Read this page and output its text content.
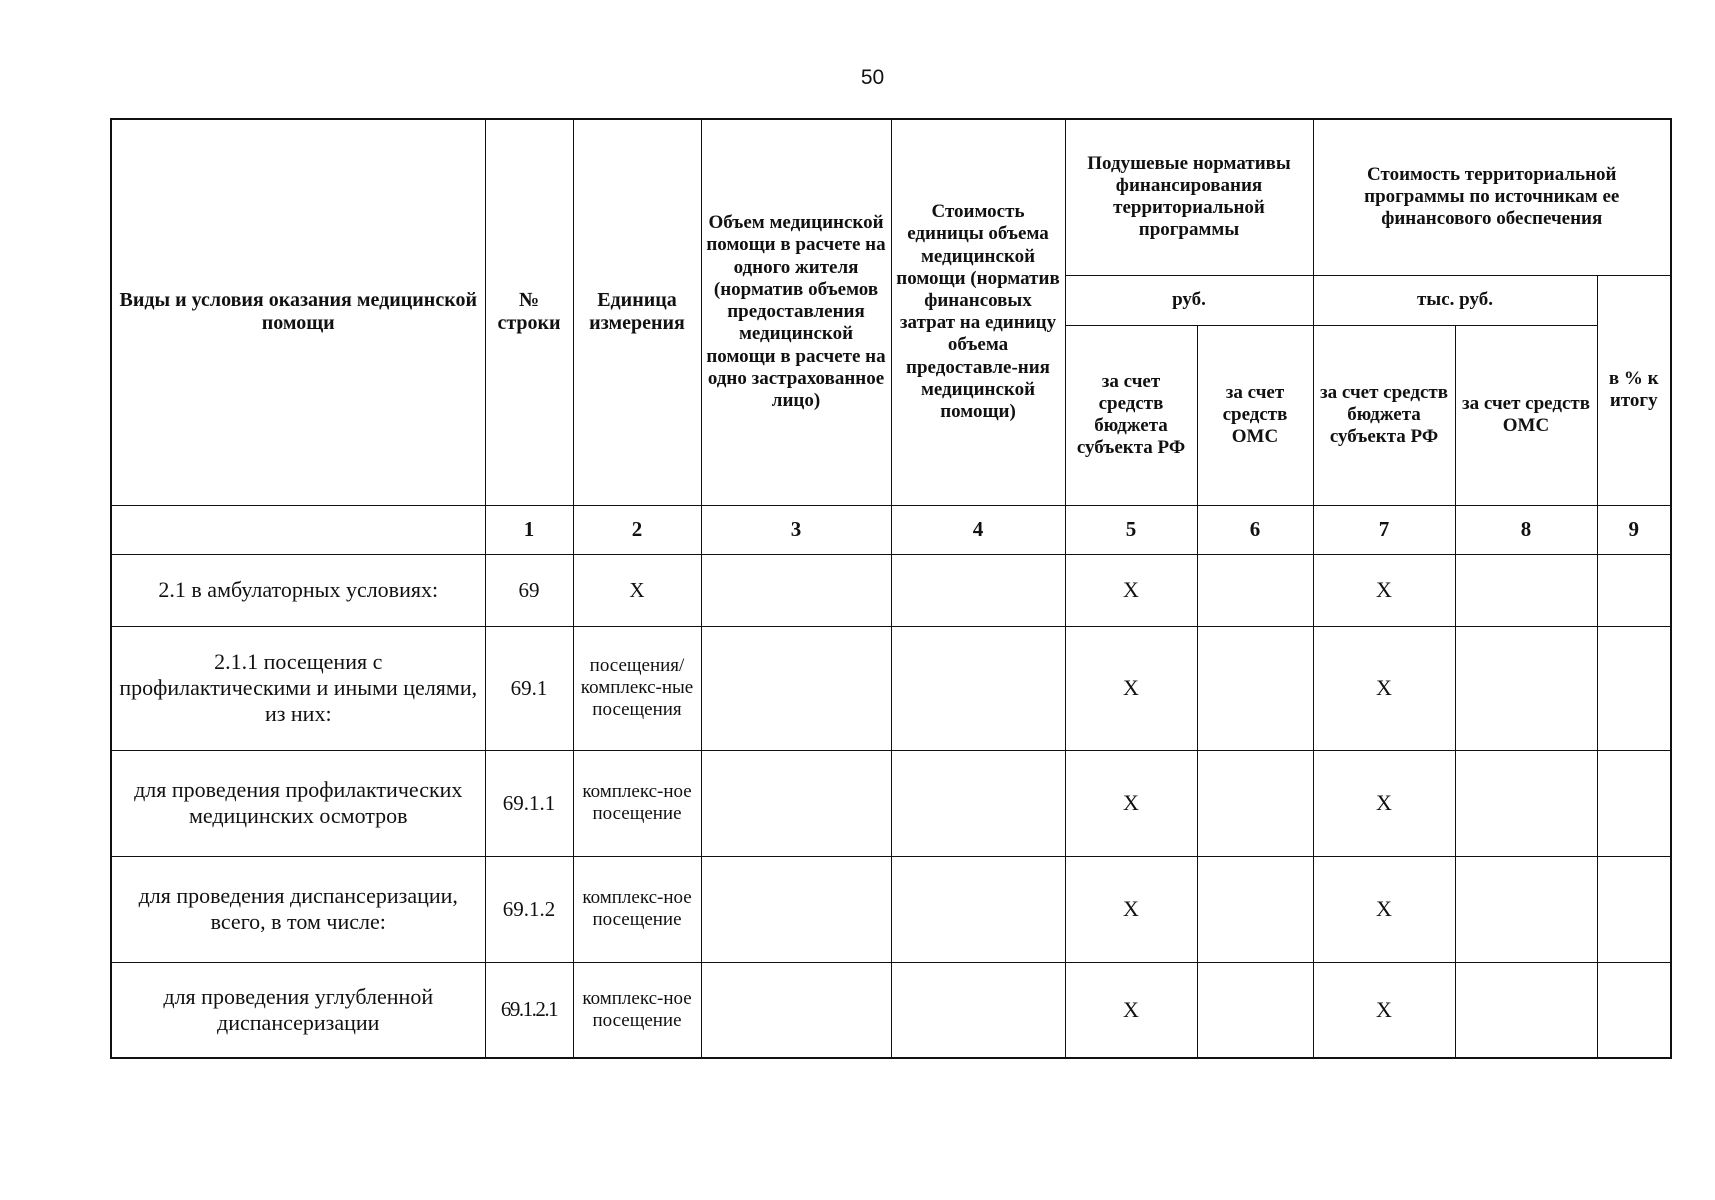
50
Виды и условия оказания медицинской помощи	№ строки	Единица измерения	Объем медицинской помощи в расчете на одного жителя (норматив объемов предоставления медицинской помощи в расчете на одно застрахованное лицо)	Стоимость единицы объема медицинской помощи (норматив финансовых затрат на единицу объема предоставле-ния медицинской помощи)	Подушевые нормативы финансирования территориальной программы		Стоимость территориальной программы по источникам ее финансового обеспечения		
					руб.		тыс. руб.		в % к итогу
					за счет средств бюджета субъекта РФ	за счет средств ОМС	за счет средств бюджета субъекта РФ	за счет средств ОМС	
	1	2	3	4	5	6	7	8	9
2.1 в амбулаторных условиях:	69	Х			Х		Х		
2.1.1 посещения с профилактическими и иными целями, из них:	69.1	посещения/ комплекс-ные посещения			Х		Х		
для проведения профилактических медицинских осмотров	69.1.1	комплекс-ное посещение			Х		Х		
для проведения диспансеризации, всего, в том числе:	69.1.2	комплекс-ное посещение			Х		Х		
для проведения углубленной диспансеризации	69.1.2.1	комплекс-ное посещение			Х		Х		
